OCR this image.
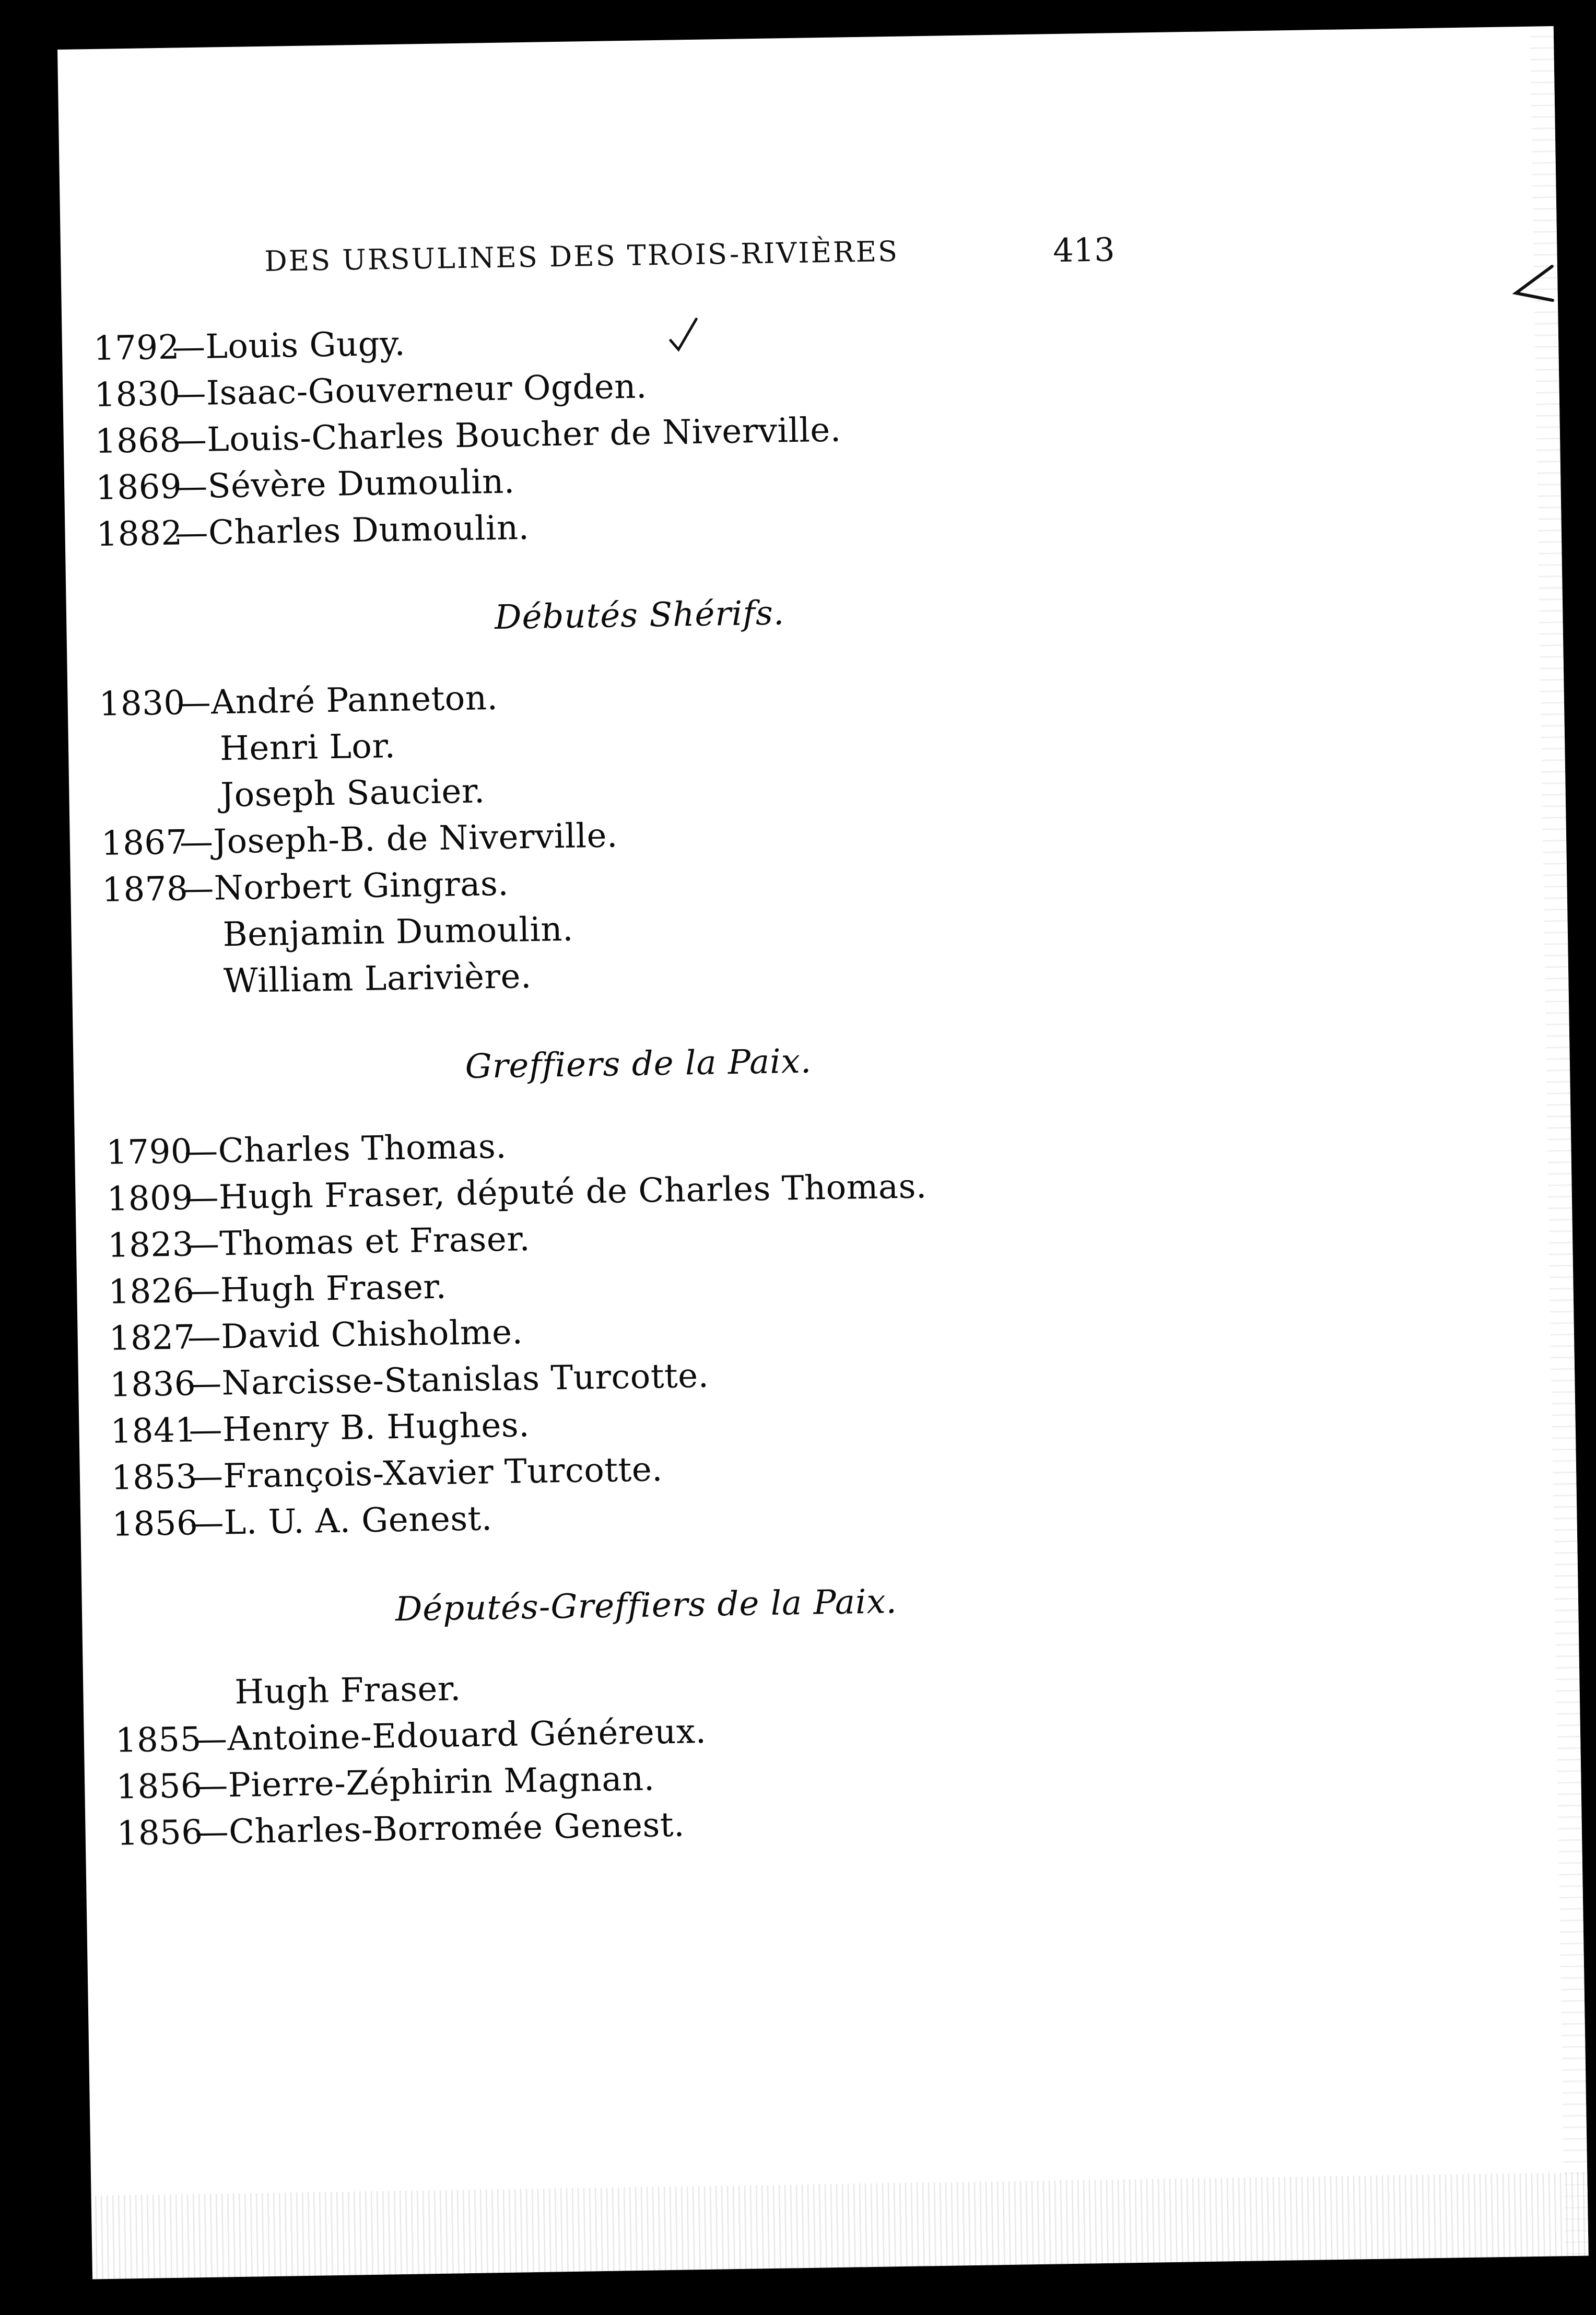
DES URSULINES DES TROIS-RIVIÈRES	413
1792—Louis Gugy.
1830—Isaac-Gouverneur Ogden.
1868—Louis-Charles Boucher de Niverville.
1869—Sévère Dumoulin.
1882—Charles Dumoulin.
Débutés Shérifs.
1830—André Panneton.
Henri Lor.
Joseph Saucier.
1867—Joseph-B. de Niverville.
1878—Norbert Gingras.
Benjamin Dumoulin.
William Larivière.
Greffiers de la Paix.
1790—Charles Thomas.
1809—Hugh Fraser, député de Charles Thomas.
1823—Thomas et Fraser.
1826—Hugh Fraser.
1827—David Chisholme.
1836—Narcisse-Stanislas Turcotte.
1841—Henry B. Hughes.
1853—François-Xavier Turcotte.
1856—L. U. A. Genest.
Députés-Greffiers de la Paix.
Hugh Fraser.
1855—Antoine-Edouard Généreux.
1856—Pierre-Zéphirin Magnan.
1856—Charles-Borromée Genest.
